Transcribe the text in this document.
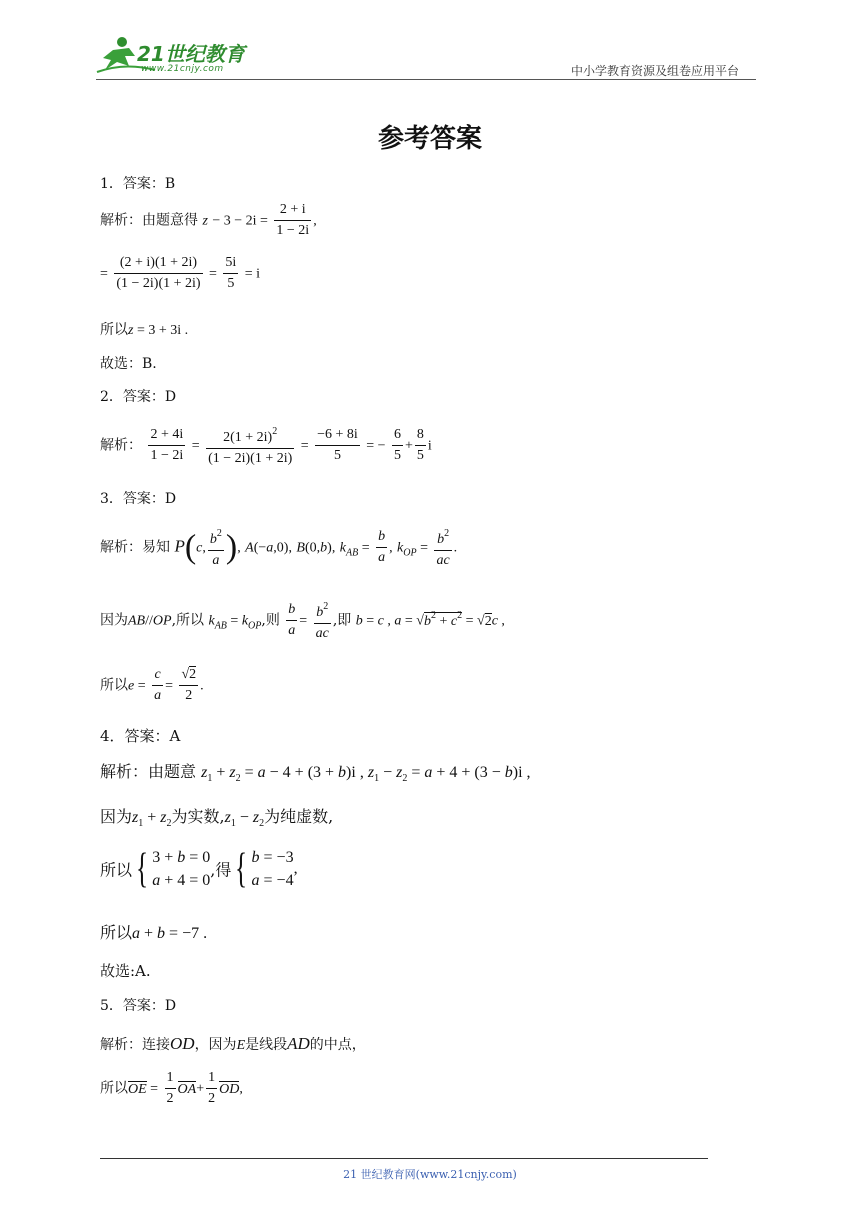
21世纪教育
www.21cnjy.com	中小学教育资源及组卷应用平台
参考答案
1．答案：B
解析：由题意得 $z - 3 - 2i = \frac{2 + i}{1 - 2i}$ ,
= $\frac{(2 + i)(1 + 2i)}{(1 - 2i)(1 + 2i)} = \frac{5i}{5} = i$
所以z = 3 + 3i .
故选：B.
2．答案：D
解析： $\frac{2 + 4i}{1 - 2i} = \frac{2(1 + 2i)^2}{(1 - 2i)(1 + 2i)} = \frac{-6 + 8i}{5}$ = − $\frac{6}{5} + \frac{8}{5}$ i
3．答案：D
解析：易知 P(c, $\frac{b^2}{a}$ ), A(−a,0), B(0,b), $k_{AB} = \frac{b}{a}$ , $k_{OP} = \frac{b^2}{ac}$ .
因为AB//OP,所以 $k_{AB} = k_{OP}$,则 $\frac{b}{a} = \frac{b^2}{ac}$ ,即 b = c , $a = √b^2 + c^2 = √2c$ ,
所以$e = \frac{c}{a} = \frac{√2}{2}$ .
4．答案：A
解析：由题意 $z_1 + z_2 = a - 4 + (3 + b)i$ , $z_1 - z_2 = a + 4 + (3 - b)i$ ,
因为$z_1 + z_2$为实数$,z_1 - z_2$为纯虚数,
所以{ 3 + b = 0
a + 4 = 0,得{ b = −3
a = −4,
所以a + b = −7 .
故选:A.
5．答案：D
解析：连接OD，因为E是线段AD的中点，
所以OE = $\frac{1}{2} OA+ \frac{1}{2}$ OD,
21 世纪教育网(www.21cnjy.com)
